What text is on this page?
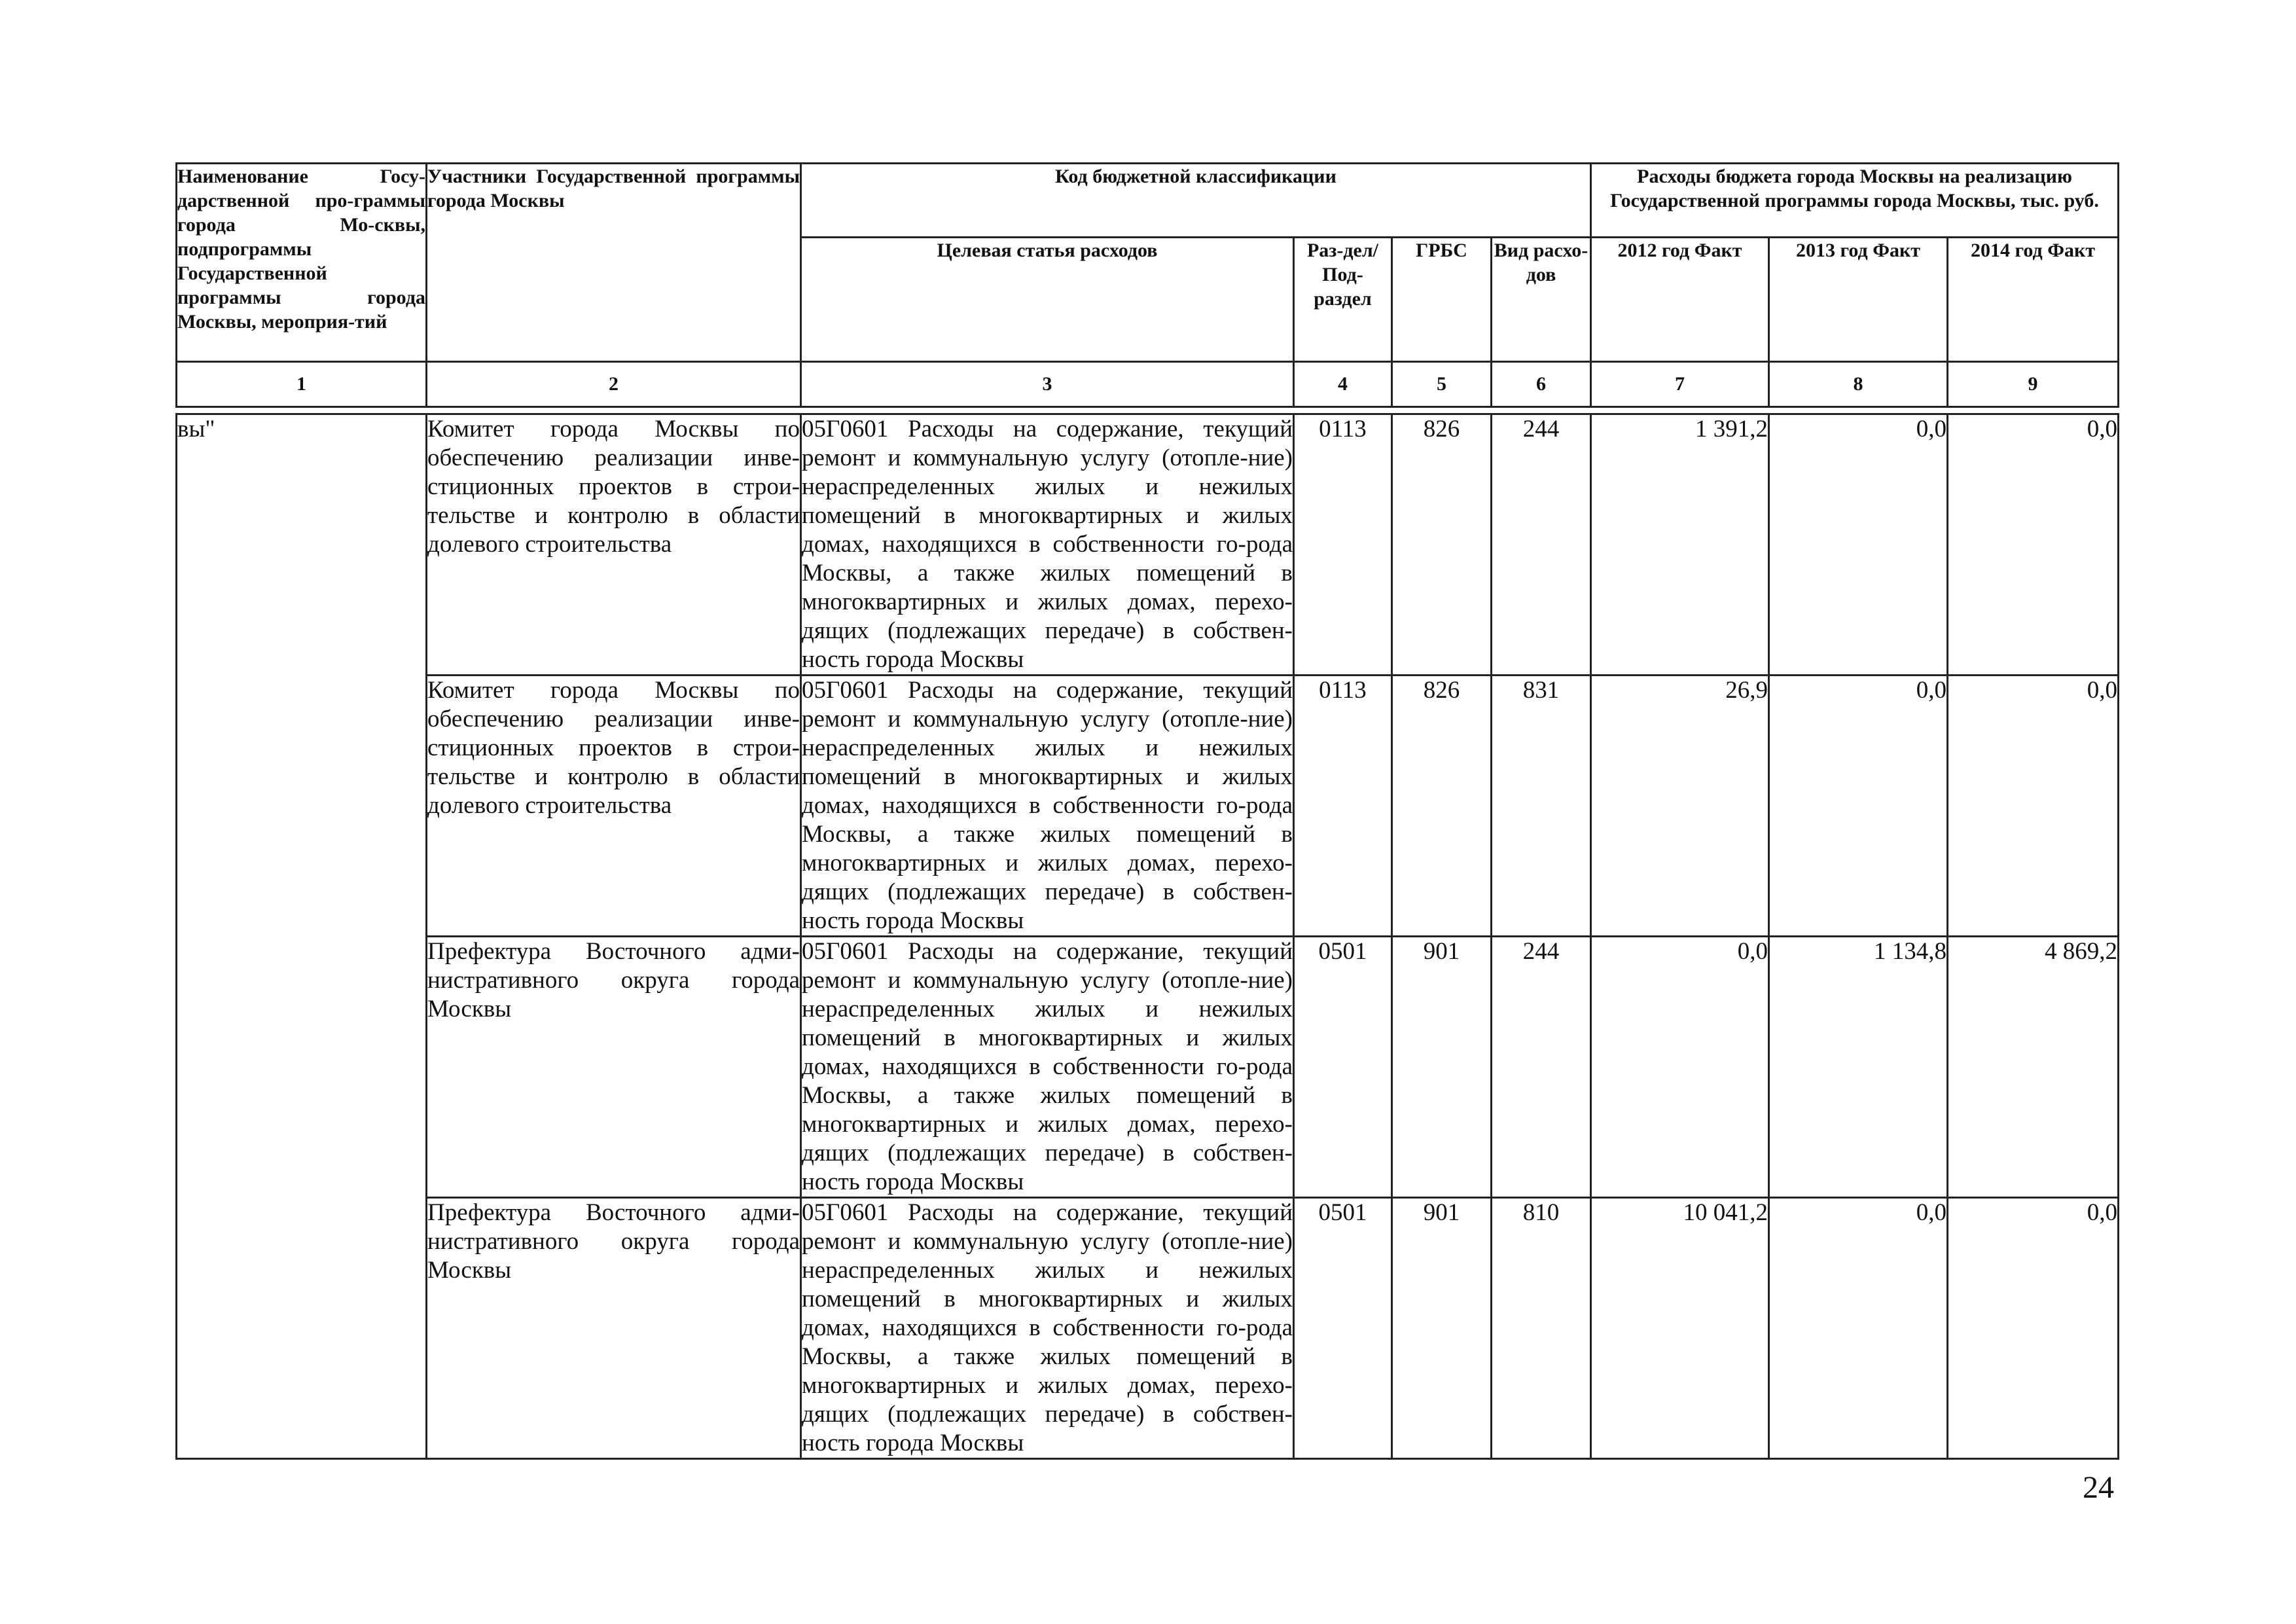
Наименование Госу-дарственной про-граммы города Мо-сквы, подпрограммы Государственной программы города Москвы, мероприя-тий	Участники Государственной программы города Москвы	Код бюджетной классификации				Расходы бюджета города Москвы на реализацию Государственной программы города Москвы, тыс. руб.		
		Целевая статья расходов	Раз-дел/ Под-раздел	ГРБС	Вид расхо-дов	2012 год Факт	2013 год Факт	2014 год Факт
1	2	3	4	5	6	7	8	9

вы"	Комитет города Москвы по обеспечению реализации инве-стиционных проектов в строи-тельстве и контролю в области долевого строительства	05Г0601 Расходы на содержание, текущий ремонт и коммунальную услугу (отопле-ние) нераспределенных жилых и нежилых помещений в многоквартирных и жилых домах, находящихся в собственности го-рода Москвы, а также жилых помещений в многоквартирных и жилых домах, перехо-дящих (подлежащих передаче) в собствен-ность города Москвы	0113	826	244	1 391,2	0,0	0,0
	Комитет города Москвы по обеспечению реализации инве-стиционных проектов в строи-тельстве и контролю в области долевого строительства	05Г0601 Расходы на содержание, текущий ремонт и коммунальную услугу (отопле-ние) нераспределенных жилых и нежилых помещений в многоквартирных и жилых домах, находящихся в собственности го-рода Москвы, а также жилых помещений в многоквартирных и жилых домах, перехо-дящих (подлежащих передаче) в собствен-ность города Москвы	0113	826	831	26,9	0,0	0,0
	Префектура Восточного адми-нистративного округа города Москвы	05Г0601 Расходы на содержание, текущий ремонт и коммунальную услугу (отопле-ние) нераспределенных жилых и нежилых помещений в многоквартирных и жилых домах, находящихся в собственности го-рода Москвы, а также жилых помещений в многоквартирных и жилых домах, перехо-дящих (подлежащих передаче) в собствен-ность города Москвы	0501	901	244	0,0	1 134,8	4 869,2
	Префектура Восточного адми-нистративного округа города Москвы	05Г0601 Расходы на содержание, текущий ремонт и коммунальную услугу (отопле-ние) нераспределенных жилых и нежилых помещений в многоквартирных и жилых домах, находящихся в собственности го-рода Москвы, а также жилых помещений в многоквартирных и жилых домах, перехо-дящих (подлежащих передаче) в собствен-ность города Москвы	0501	901	810	10 041,2	0,0	0,0
24
